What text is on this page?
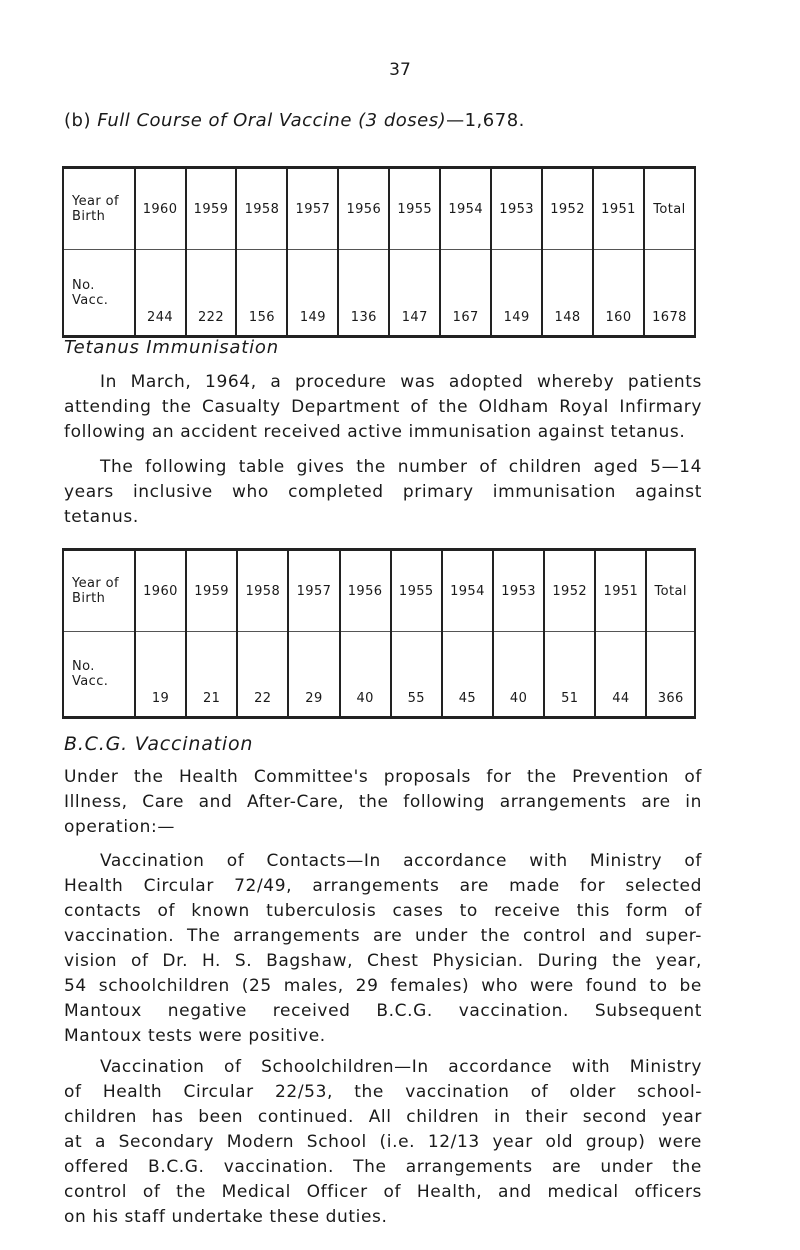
37
(b) Full Course of Oral Vaccine (3 doses)—1,678.
Year of
Birth	1960	1959	1958	1957	1956	1955	1954	1953	1952	1951	Total
No.
Vacc.	244	222	156	149	136	147	167	149	148	160	1678
Tetanus Immunisation

In March, 1964, a procedure was adopted whereby patients
attending the Casualty Department of the Oldham Royal Infirmary
following an accident received active immunisation against tetanus.

The following table gives the number of children aged 5—14
years inclusive who completed primary immunisation against
tetanus.

Year of
Birth	1960	1959	1958	1957	1956	1955	1954	1953	1952	1951	Total
No.
Vacc.	19	21	22	29	40	55	45	40	51	44	366
B.C.G. Vaccination

Under the Health Committee's proposals for the Prevention of
Illness, Care and After-Care, the following arrangements are in
operation:—

Vaccination of Contacts—In accordance with Ministry of
Health Circular 72/49, arrangements are made for selected
contacts of known tuberculosis cases to receive this form of
vaccination. The arrangements are under the control and super-
vision of Dr. H. S. Bagshaw, Chest Physician. During the year,
54 schoolchildren (25 males, 29 females) who were found to be
Mantoux negative received B.C.G. vaccination. Subsequent
Mantoux tests were positive.

Vaccination of Schoolchildren—In accordance with Ministry
of Health Circular 22/53, the vaccination of older school-
children has been continued. All children in their second year
at a Secondary Modern School (i.e. 12/13 year old group) were
offered B.C.G. vaccination. The arrangements are under the
control of the Medical Officer of Health, and medical officers
on his staff undertake these duties.
